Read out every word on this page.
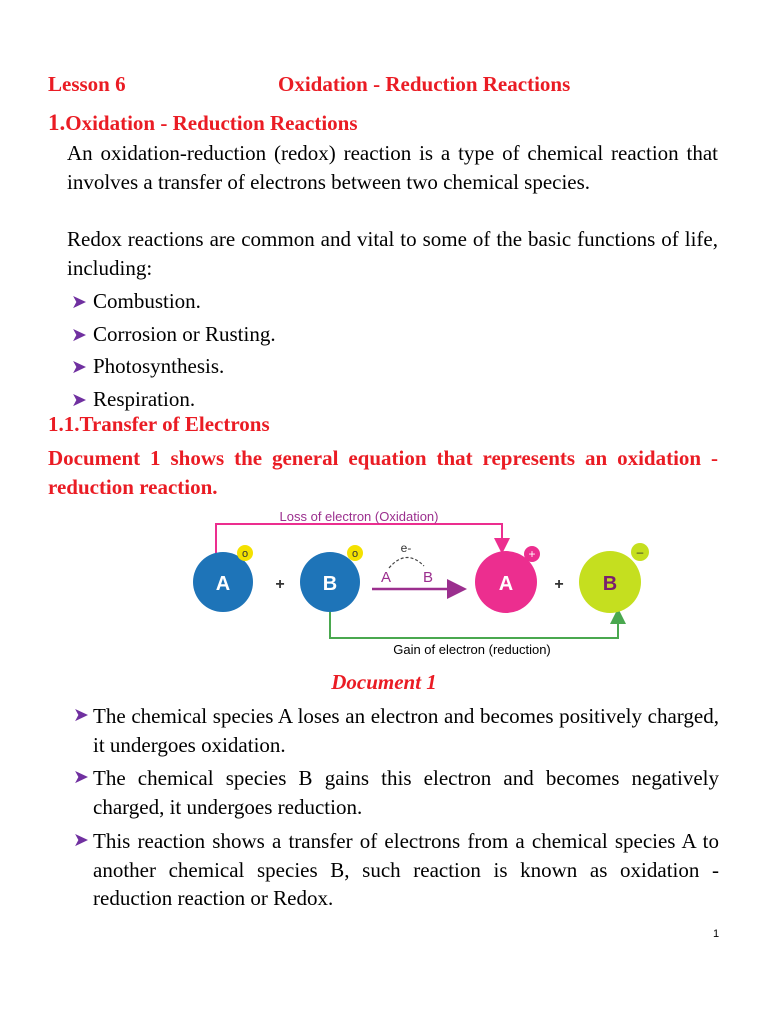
Lesson 6	Oxidation - Reduction Reactions
1.Oxidation - Reduction Reactions
An oxidation-reduction (redox) reaction is a type of chemical reaction that involves a transfer of electrons between two chemical species.
Redox reactions are common and vital to some of the basic functions of life, including:
➤ Combustion.
➤ Corrosion or Rusting.
➤ Photosynthesis.
➤ Respiration.
1.1.Transfer of Electrons
Document 1 shows the general equation that represents an oxidation - reduction reaction.
Loss of electron (Oxidation)
Gain of electron (reduction)
A
o
+ B
o	e-
A B	A
+
+ B
–
Document 1
➤ The chemical species A loses an electron and becomes positively charged, it undergoes oxidation.
➤ The chemical species B gains this electron and becomes negatively charged, it undergoes reduction.
➤ This reaction shows a transfer of electrons from a chemical species A to another chemical species B, such reaction is known as oxidation - reduction reaction or Redox.
1
